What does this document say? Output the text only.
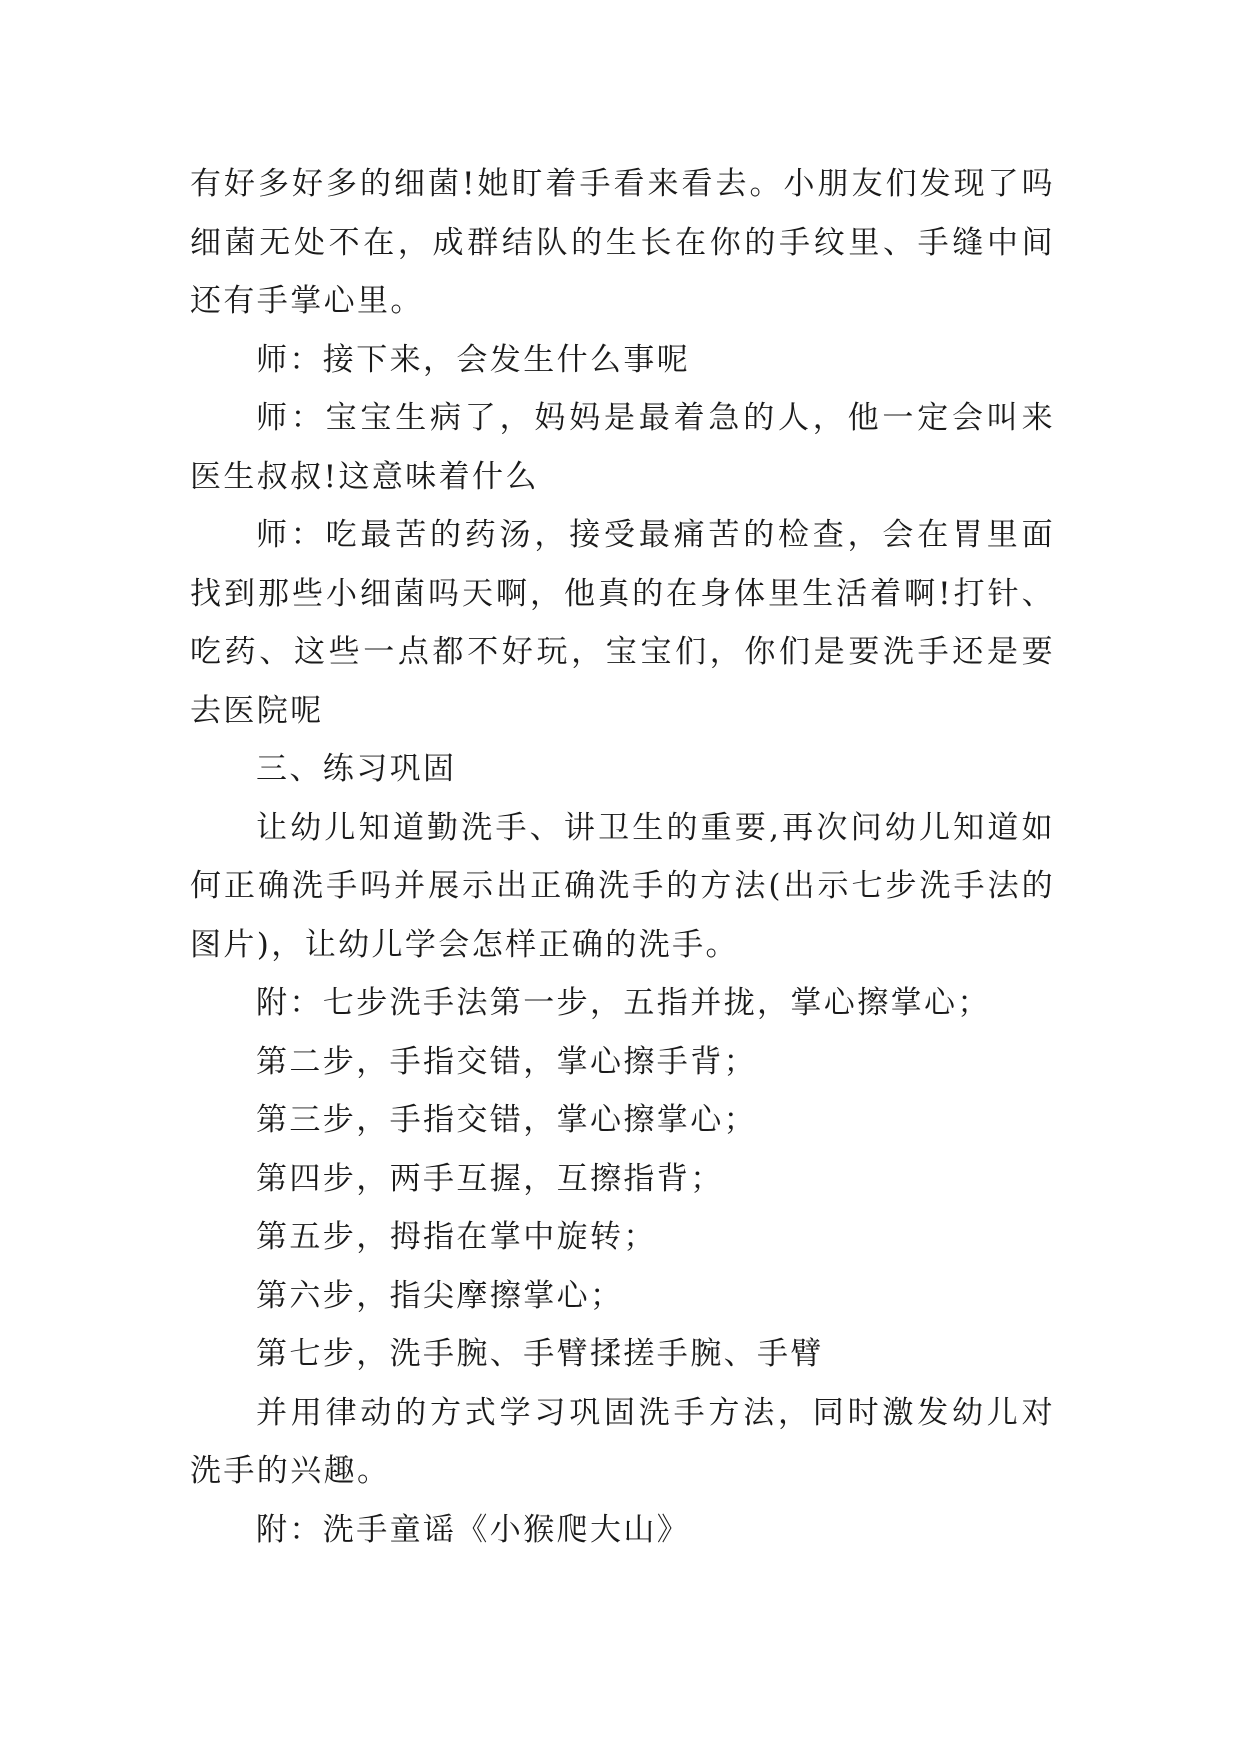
有好多好多的细菌!她盯着手看来看去。小朋友们发现了吗细菌无处不在，成群结队的生长在你的手纹里、手缝中间还有手掌心里。

师：接下来，会发生什么事呢

师：宝宝生病了，妈妈是最着急的人，他一定会叫来医生叔叔!这意味着什么

师：吃最苦的药汤，接受最痛苦的检查，会在胃里面找到那些小细菌吗天啊，他真的在身体里生活着啊!打针、吃药、这些一点都不好玩，宝宝们，你们是要洗手还是要去医院呢

三、练习巩固

让幼儿知道勤洗手、讲卫生的重要,再次问幼儿知道如何正确洗手吗并展示出正确洗手的方法(出示七步洗手法的图片)，让幼儿学会怎样正确的洗手。

附：七步洗手法第一步，五指并拢，掌心擦掌心；

第二步，手指交错，掌心擦手背；

第三步，手指交错，掌心擦掌心；

第四步，两手互握，互擦指背；

第五步，拇指在掌中旋转；

第六步，指尖摩擦掌心；

第七步，洗手腕、手臂揉搓手腕、手臂

并用律动的方式学习巩固洗手方法，同时激发幼儿对洗手的兴趣。

附：洗手童谣《小猴爬大山》
